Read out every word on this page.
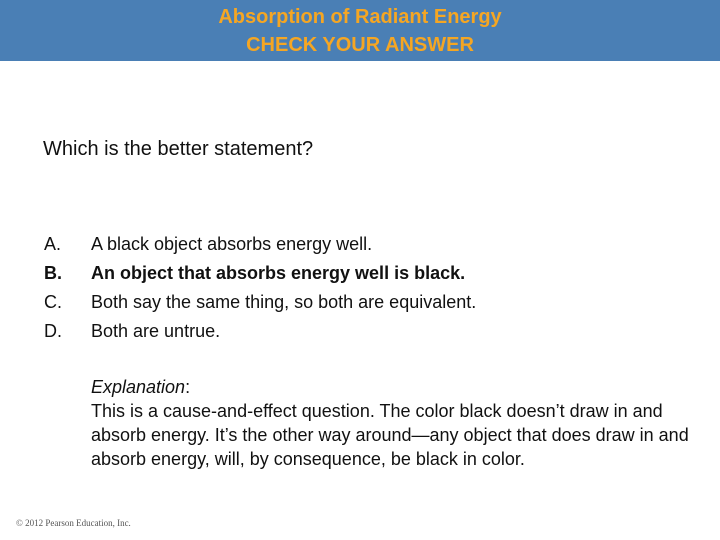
Absorption of Radiant Energy
CHECK YOUR ANSWER
Which is the better statement?
A.	A black object absorbs energy well.
B.	An object that absorbs energy well is black.
C.	Both say the same thing, so both are equivalent.
D.	Both are untrue.
Explanation:
This is a cause-and-effect question. The color black doesn’t draw in and absorb energy. It’s the other way around—any object that does draw in and absorb energy, will, by consequence, be black in color.
© 2012 Pearson Education, Inc.
